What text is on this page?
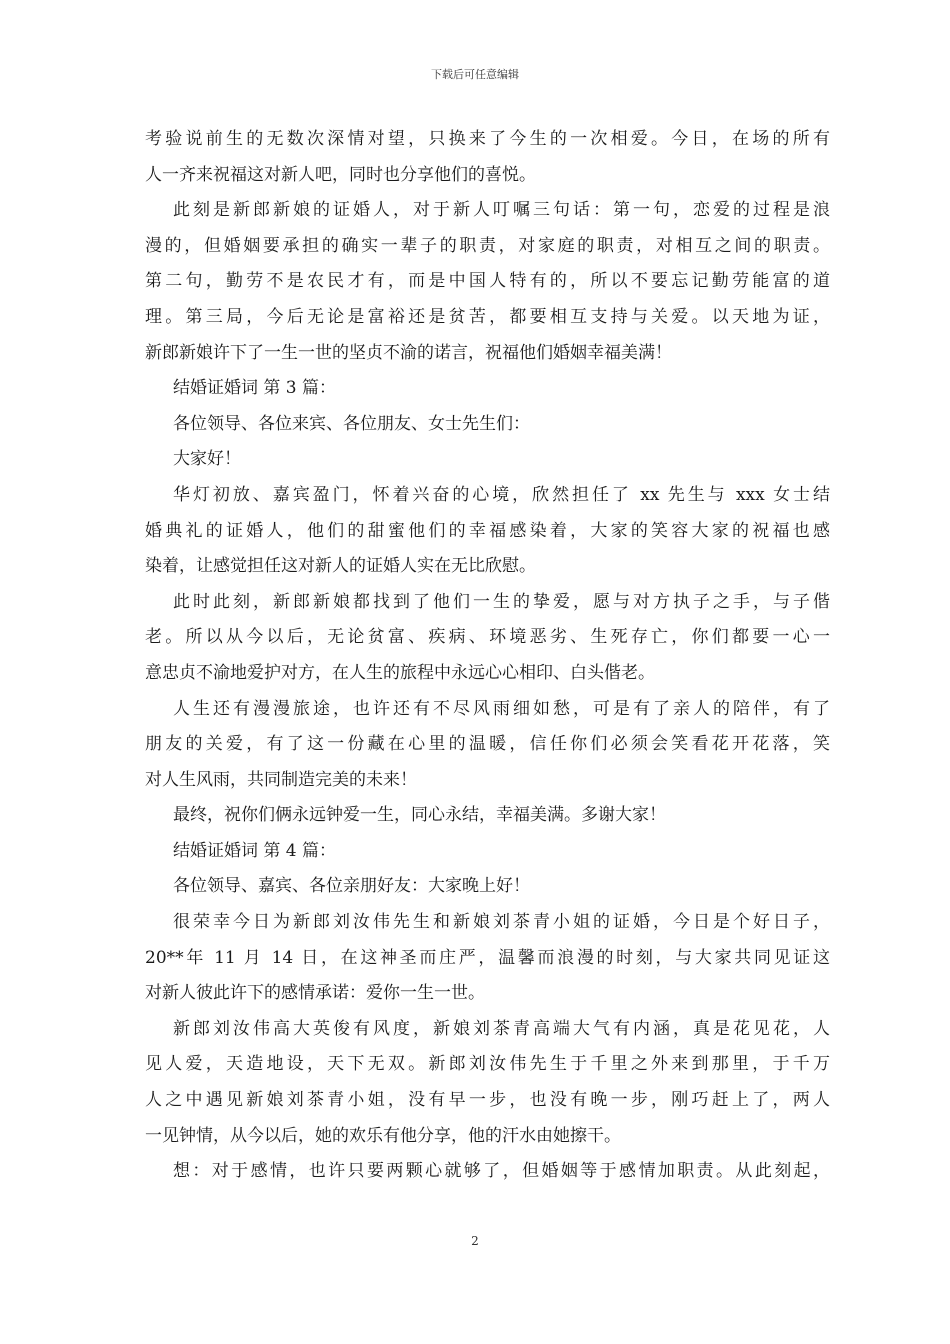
下载后可任意编辑
考验说前生的无数次深情对望，只换来了今生的一次相爱。今日，在场的所有
人一齐来祝福这对新人吧，同时也分享他们的喜悦。
此刻是新郎新娘的证婚人，对于新人叮嘱三句话：第一句，恋爱的过程是浪
漫的，但婚姻要承担的确实一辈子的职责，对家庭的职责，对相互之间的职责。
第二句，勤劳不是农民才有，而是中国人特有的，所以不要忘记勤劳能富的道
理。第三局，今后无论是富裕还是贫苦，都要相互支持与关爱。以天地为证，
新郎新娘许下了一生一世的坚贞不渝的诺言，祝福他们婚姻幸福美满！
结婚证婚词 第 3 篇：
各位领导、各位来宾、各位朋友、女士先生们：
大家好！
华灯初放、嘉宾盈门，怀着兴奋的心境，欣然担任了 xx 先生与 xxx 女士结
婚典礼的证婚人，他们的甜蜜他们的幸福感染着，大家的笑容大家的祝福也感
染着，让感觉担任这对新人的证婚人实在无比欣慰。
此时此刻，新郎新娘都找到了他们一生的挚爱，愿与对方执子之手，与子偕
老。所以从今以后，无论贫富、疾病、环境恶劣、生死存亡，你们都要一心一
意忠贞不渝地爱护对方，在人生的旅程中永远心心相印、白头偕老。
人生还有漫漫旅途，也许还有不尽风雨细如愁，可是有了亲人的陪伴，有了
朋友的关爱，有了这一份藏在心里的温暖，信任你们必须会笑看花开花落，笑
对人生风雨，共同制造完美的未来！
最终，祝你们俩永远钟爱一生，同心永结，幸福美满。多谢大家！
结婚证婚词 第 4 篇：
各位领导、嘉宾、各位亲朋好友：大家晚上好！
很荣幸今日为新郎刘汝伟先生和新娘刘茶青小姐的证婚，今日是个好日子，
20**年 11 月 14 日，在这神圣而庄严，温馨而浪漫的时刻，与大家共同见证这
对新人彼此许下的感情承诺：爱你一生一世。
新郎刘汝伟高大英俊有风度，新娘刘茶青高端大气有内涵，真是花见花，人
见人爱，天造地设，天下无双。新郎刘汝伟先生于千里之外来到那里，于千万
人之中遇见新娘刘茶青小姐，没有早一步，也没有晚一步，刚巧赶上了，两人
一见钟情，从今以后，她的欢乐有他分享，他的汗水由她擦干。
想：对于感情，也许只要两颗心就够了，但婚姻等于感情加职责。从此刻起，
2
